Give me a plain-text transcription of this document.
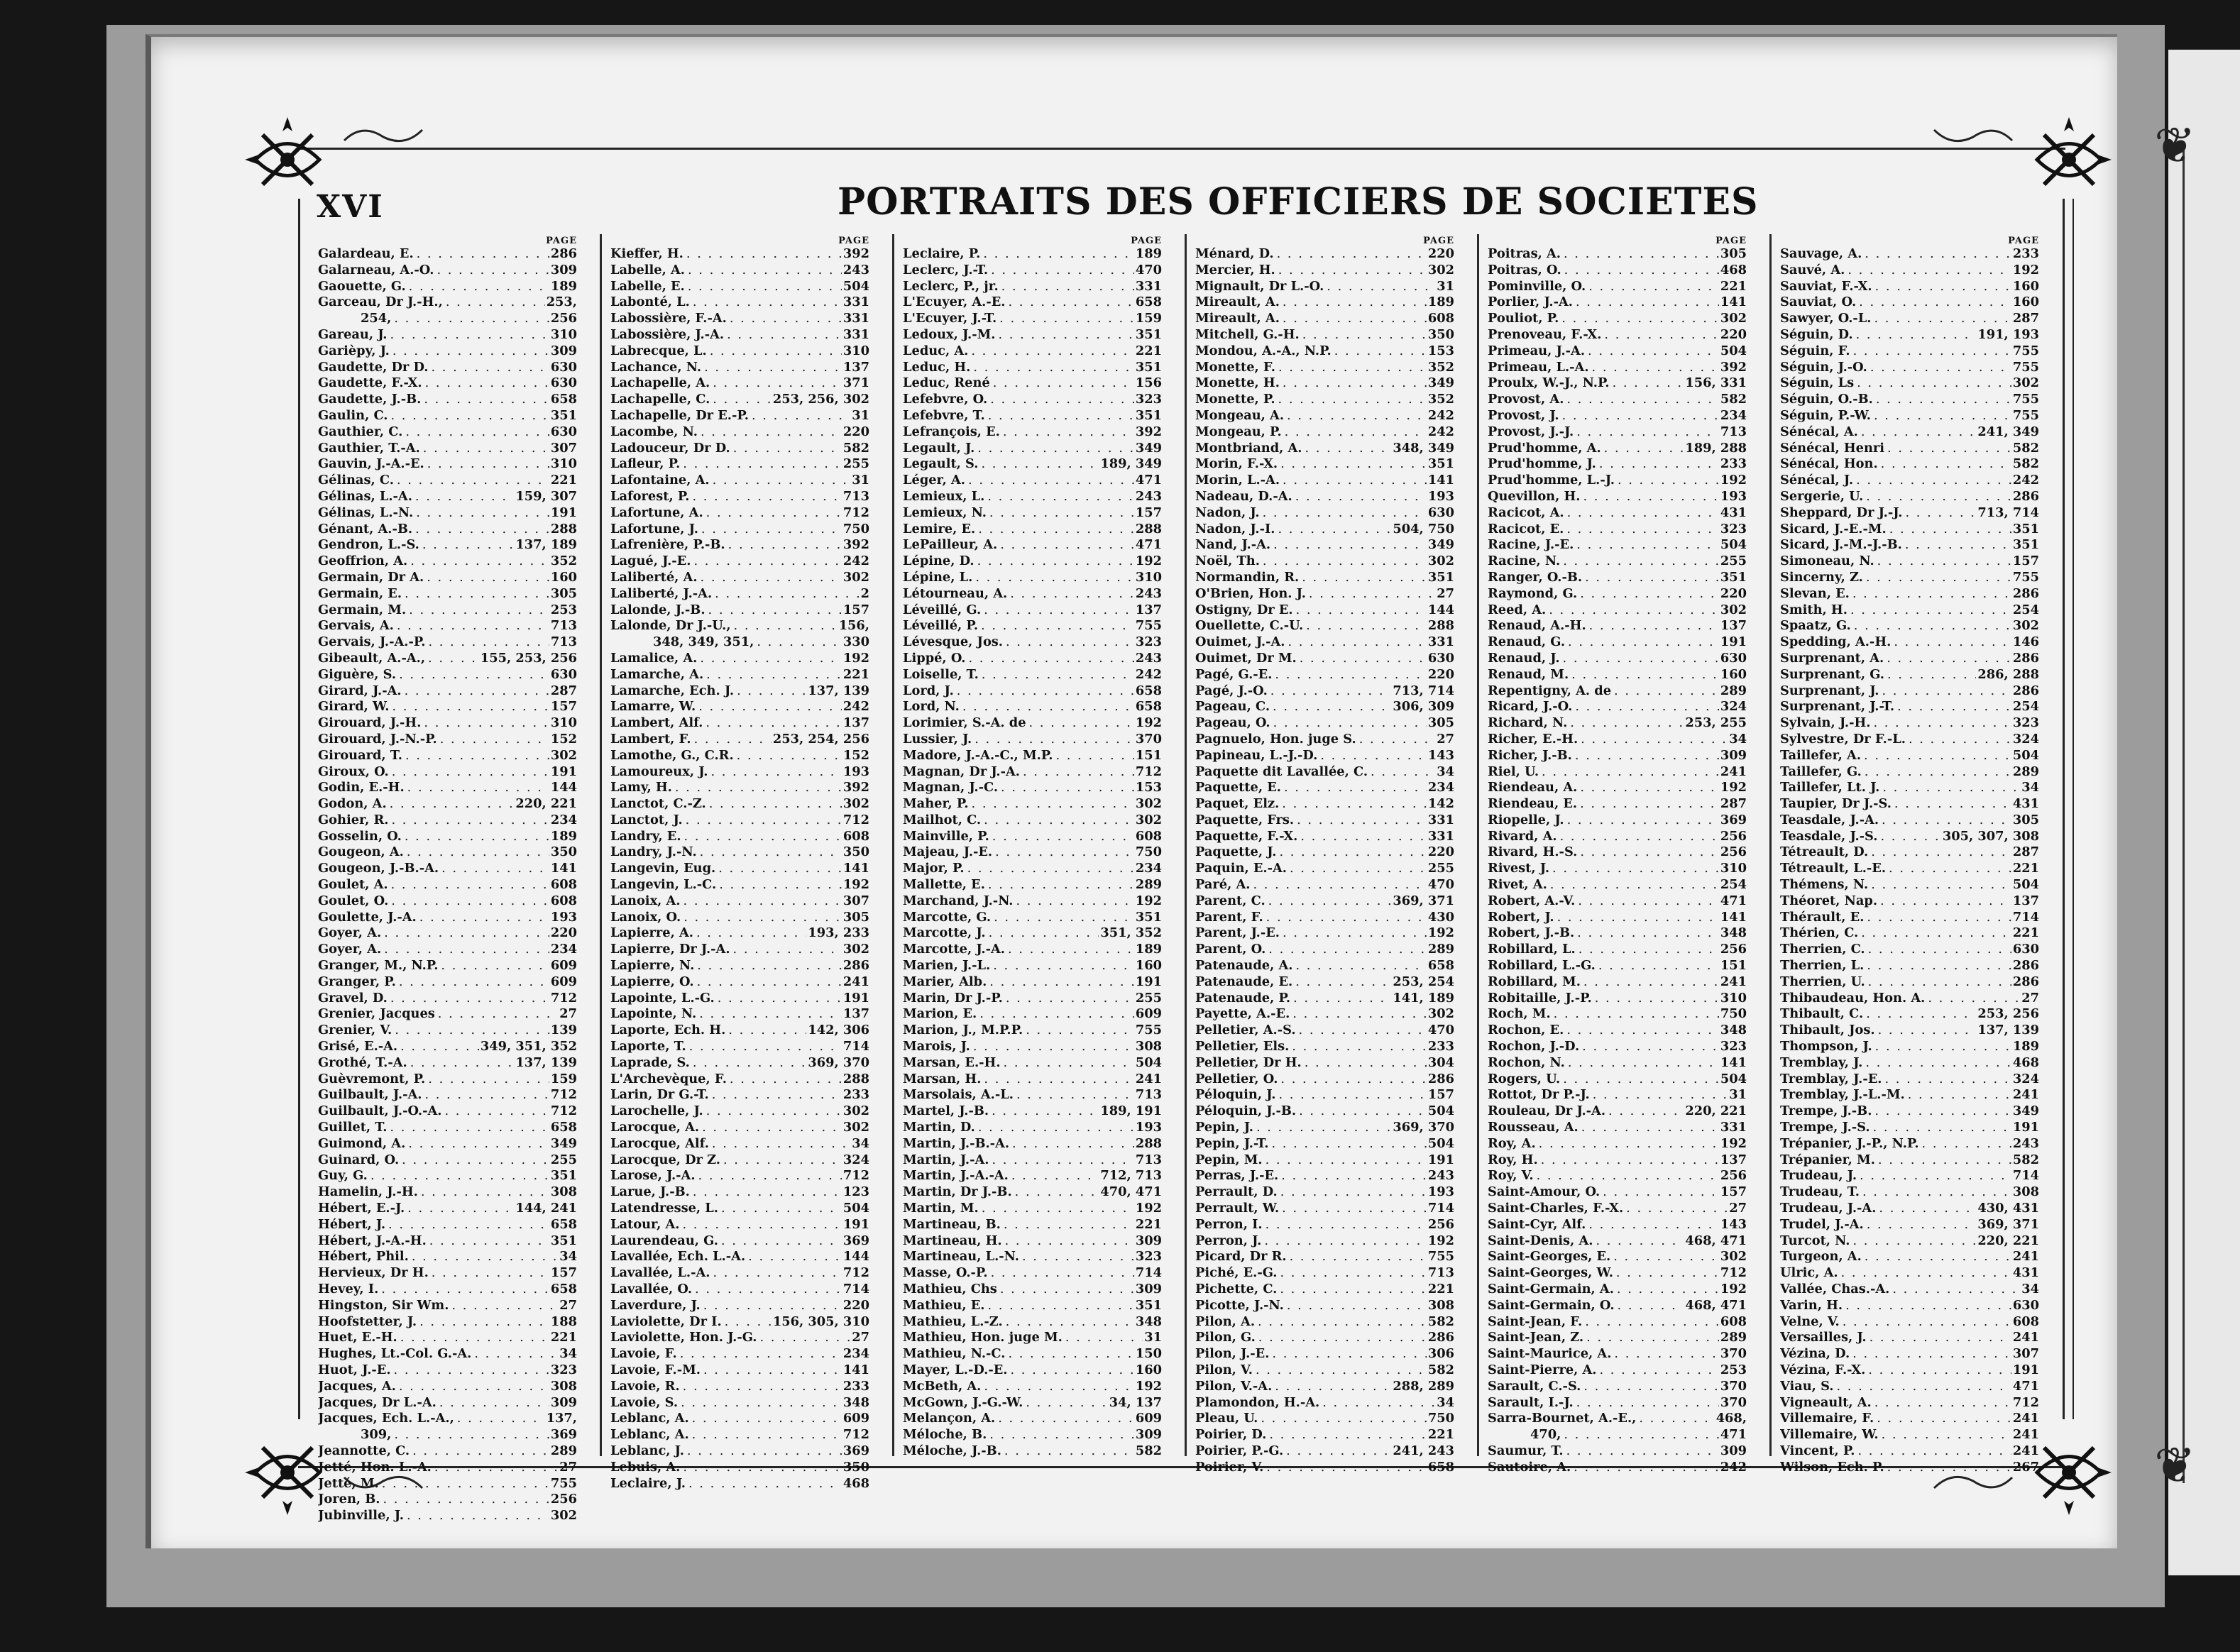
❦
❦
XVI	PORTRAITS DES OFFICIERS DE SOCIETES
PAGE
Galardeau, E. . . .	286
Galarneau, A.-O. . . .	309
Gaouette, G. . . .	189
Garceau, Dr J.-H., . . .	253,
254, . . .	256
Gareau, J. . . .	310
Garièpy, J. . . .	309
Gaudette, Dr D. . . .	630
Gaudette, F.-X. . . .	630
Gaudette, J.-B. . . .	658
Gaulin, C. . . .	351
Gauthier, C. . . .	630
Gauthier, T.-A. . . .	307
Gauvin, J.-A.-E. . . .	310
Gélinas, C. . . .	221
Gélinas, L.-A. . . .	159, 307
Gélinas, L.-N. . . .	191
Génant, A.-B. . . .	288
Gendron, L.-S. . . .	137, 189
Geoffrion, A. . . .	352
Germain, Dr A. . . .	160
Germain, E. . . .	305
Germain, M. . . .	253
Gervais, A. . . .	713
Gervais, J.-A.-P. . . .	713
Gibeault, A.-A., . . .	155, 253, 256
Giguère, S. . . .	630
Girard, J.-A. . . .	287
Girard, W. . . .	157
Girouard, J.-H. . . .	310
Girouard, J.-N.-P. . . .	152
Girouard, T. . . .	302
Giroux, O. . . .	191
Godin, E.-H. . . .	144
Godon, A. . . .	220, 221
Gohier, R. . . .	234
Gosselin, O. . . .	189
Gougeon, A. . . .	350
Gougeon, J.-B.-A. . . .	141
Goulet, A. . . .	608
Goulet, O. . . .	608
Goulette, J.-A. . . .	193
Goyer, A. . . .	220
Goyer, A. . . .	234
Granger, M., N.P. . . .	609
Granger, P. . . .	609
Gravel, D. . . .	712
Grenier, Jacques . . .	27
Grenier, V. . . .	139
Grisé, E.-A. . . .	349, 351, 352
Grothé, T.-A. . . .	137, 139
Guèvremont, P. . . .	159
Guilbault, J.-A. . . .	712
Guilbault, J.-O.-A. . . .	712
Guillet, T. . . .	658
Guimond, A. . . .	349
Guinard, O. . . .	255
Guy, G. . . .	351
Hamelin, J.-H. . . .	308
Hébert, E.-J. . . .	144, 241
Hébert, J. . . .	658
Hébert, J.-A.-H. . . .	351
Hébert, Phil. . . .	34
Hervieux, Dr H. . . .	157
Hevey, I. . . .	658
Hingston, Sir Wm. . . .	27
Hoofstetter, J. . . .	188
Huet, E.-H. . . .	221
Hughes, Lt.-Col. G.-A. . . .	34
Huot, J.-E. . . .	323
Jacques, A. . . .	308
Jacques, Dr L.-A. . . .	309
Jacques, Ech. L.-A., . . .	137,
309, . . .	369
Jeannotte, C. . . .	289
Jetté, Hon. L.-A. . . .	27
Jetté, M. . . .	755
Joren, B. . . .	256
Jubinville, J. . . .	302
PAGE
Kieffer, H. . . .	392
Labelle, A. . . .	243
Labelle, E. . . .	504
Labonté, L. . . .	331
Labossière, F.-A. . . .	331
Labossière, J.-A. . . .	331
Labrecque, L. . . .	310
Lachance, N. . . .	137
Lachapelle, A. . . .	371
Lachapelle, C. . . .	253, 256, 302
Lachapelle, Dr E.-P. . . .	31
Lacombe, N. . . .	220
Ladouceur, Dr D. . . .	582
Lafleur, P. . . .	255
Lafontaine, A. . . .	31
Laforest, P. . . .	713
Lafortune, A. . . .	712
Lafortune, J. . . .	750
Lafrenière, P.-B. . . .	392
Lagué, J.-E. . . .	242
Laliberté, A. . . .	302
Laliberté, J.-A. . . .	2
Lalonde, J.-B. . . .	157
Lalonde, Dr J.-U., . . .	156,
348, 349, 351, . . .	330
Lamalice, A. . . .	192
Lamarche, A. . . .	221
Lamarche, Ech. J. . . .	137, 139
Lamarre, W. . . .	242
Lambert, Alf. . . .	137
Lambert, F. . . .	253, 254, 256
Lamothe, G., C.R. . . .	152
Lamoureux, J. . . .	193
Lamy, H. . . .	392
Lanctot, C.-Z. . . .	302
Lanctot, J. . . .	712
Landry, E. . . .	608
Landry, J.-N. . . .	350
Langevin, Eug. . . .	141
Langevin, L.-C. . . .	192
Lanoix, A. . . .	307
Lanoix, O. . . .	305
Lapierre, A. . . .	193, 233
Lapierre, Dr J.-A. . . .	302
Lapierre, N. . . .	286
Lapierre, O. . . .	241
Lapointe, L.-G. . . .	191
Lapointe, N. . . .	137
Laporte, Ech. H. . . .	142, 306
Laporte, T. . . .	714
Laprade, S. . . .	369, 370
L'Archevèque, F. . . .	288
Larin, Dr G.-T. . . .	233
Larochelle, J. . . .	302
Larocque, A. . . .	302
Larocque, Alf. . . .	34
Larocque, Dr Z. . . .	324
Larose, J.-A. . . .	712
Larue, J.-B. . . .	123
Latendresse, L. . . .	504
Latour, A. . . .	191
Laurendeau, G. . . .	369
Lavallée, Ech. L.-A. . . .	144
Lavallée, L.-A. . . .	712
Lavallée, O. . . .	714
Laverdure, J. . . .	220
Laviolette, Dr I. . . .	156, 305, 310
Laviolette, Hon. J.-G. . . .	27
Lavoie, F. . . .	234
Lavoie, F.-M. . . .	141
Lavoie, R. . . .	233
Lavoie, S. . . .	348
Leblanc, A. . . .	609
Leblanc, A. . . .	712
Leblanc, J. . . .	369
Lebuis, A. . . .	350
Leclaire, J. . . .	468
PAGE
Leclaire, P. . . .	189
Leclerc, J.-T. . . .	470
Leclerc, P., jr. . . .	331
L'Ecuyer, A.-E. . . .	658
L'Ecuyer, J.-T. . . .	159
Ledoux, J.-M. . . .	351
Leduc, A. . . .	221
Leduc, H. . . .	351
Leduc, René . . .	156
Lefebvre, O. . . .	323
Lefebvre, T. . . .	351
Lefrançois, E. . . .	392
Legault, J. . . .	349
Legault, S. . . .	189, 349
Léger, A. . . .	471
Lemieux, L. . . .	243
Lemieux, N. . . .	157
Lemire, E. . . .	288
LePailleur, A. . . .	471
Lépine, D. . . .	192
Lépine, L. . . .	310
Létourneau, A. . . .	243
Léveillé, G. . . .	137
Léveillé, P. . . .	755
Lévesque, Jos. . . .	323
Lippé, O. . . .	243
Loiselle, T. . . .	242
Lord, J. . . .	658
Lord, N. . . .	658
Lorimier, S.-A. de . . .	192
Lussier, J. . . .	370
Madore, J.-A.-C., M.P. . . .	151
Magnan, Dr J.-A. . . .	712
Magnan, J.-C. . . .	153
Maher, P. . . .	302
Mailhot, C. . . .	302
Mainville, P. . . .	608
Majeau, J.-E. . . .	750
Major, P. . . .	234
Mallette, E. . . .	289
Marchand, J.-N. . . .	192
Marcotte, G. . . .	351
Marcotte, J. . . .	351, 352
Marcotte, J.-A. . . .	189
Marien, J.-L. . . .	160
Marier, Alb. . . .	191
Marin, Dr J.-P. . . .	255
Marion, E. . . .	609
Marion, J., M.P.P. . . .	755
Marois, J. . . .	308
Marsan, E.-H. . . .	504
Marsan, H. . . .	241
Marsolais, A.-L. . . .	713
Martel, J.-B. . . .	189, 191
Martin, D. . . .	193
Martin, J.-B.-A. . . .	288
Martin, J.-A. . . .	713
Martin, J.-A.-A. . . .	712, 713
Martin, Dr J.-B. . . .	470, 471
Martin, M. . . .	192
Martineau, B. . . .	221
Martineau, H. . . .	309
Martineau, L.-N. . . .	323
Masse, O.-P. . . .	714
Mathieu, Chs . . .	309
Mathieu, E. . . .	351
Mathieu, L.-Z. . . .	348
Mathieu, Hon. juge M. . . .	31
Mathieu, N.-C. . . .	150
Mayer, L.-D.-E. . . .	160
McBeth, A. . . .	192
McGown, J.-G.-W. . . .	34, 137
Melançon, A. . . .	609
Méloche, B. . . .	309
Méloche, J.-B. . . .	582
PAGE
Ménard, D. . . .	220
Mercier, H. . . .	302
Mignault, Dr L.-O. . . .	31
Mireault, A. . . .	189
Mireault, A. . . .	608
Mitchell, G.-H. . . .	350
Mondou, A.-A., N.P. . . .	153
Monette, F. . . .	352
Monette, H. . . .	349
Monette, P. . . .	352
Mongeau, A. . . .	242
Mongeau, P. . . .	242
Montbriand, A. . . .	348, 349
Morin, F.-X. . . .	351
Morin, L.-A. . . .	141
Nadeau, D.-A. . . .	193
Nadon, J. . . .	630
Nadon, J.-I. . . .	504, 750
Nand, J.-A. . . .	349
Noël, Th. . . .	302
Normandin, R. . . .	351
O'Brien, Hon. J. . . .	27
Ostigny, Dr E. . . .	144
Ouellette, C.-U. . . .	288
Ouimet, J.-A. . . .	331
Ouimet, Dr M. . . .	630
Pagé, G.-E. . . .	220
Pagé, J.-O. . . .	713, 714
Pageau, C. . . .	306, 309
Pageau, O. . . .	305
Pagnuelo, Hon. juge S. . . .	27
Papineau, L.-J.-D. . . .	143
Paquette dit Lavallée, C. . . .	34
Paquette, E. . . .	234
Paquet, Elz. . . .	142
Paquette, Frs. . . .	331
Paquette, F.-X. . . .	331
Paquette, J. . . .	220
Paquin, E.-A. . . .	255
Paré, A. . . .	470
Parent, C. . . .	369, 371
Parent, F. . . .	430
Parent, J.-E. . . .	192
Parent, O. . . .	289
Patenaude, A. . . .	658
Patenaude, E. . . .	253, 254
Patenaude, P. . . .	141, 189
Payette, A.-E. . . .	302
Pelletier, A.-S. . . .	470
Pelletier, Els. . . .	233
Pelletier, Dr H. . . .	304
Pelletier, O. . . .	286
Péloquin, J. . . .	157
Péloquin, J.-B. . . .	504
Pepin, J. . . .	369, 370
Pepin, J.-T. . . .	504
Pepin, M. . . .	191
Perras, J.-E. . . .	243
Perrault, D. . . .	193
Perrault, W. . . .	714
Perron, I. . . .	256
Perron, J. . . .	192
Picard, Dr R. . . .	755
Piché, E.-G. . . .	713
Pichette, C. . . .	221
Picotte, J.-N. . . .	308
Pilon, A. . . .	582
Pilon, G. . . .	286
Pilon, J.-E. . . .	306
Pilon, V. . . .	582
Pilon, V.-A. . . .	288, 289
Plamondon, H.-A. . . .	34
Pleau, U. . . .	750
Poirier, D. . . .	221
Poirier, P.-G. . . .	241, 243
Poirier, V. . . .	658
PAGE
Poitras, A. . . .	305
Poitras, O. . . .	468
Pominville, O. . . .	221
Porlier, J.-A. . . .	141
Pouliot, P. . . .	302
Prenoveau, F.-X. . . .	220
Primeau, J.-A. . . .	504
Primeau, L.-A. . . .	392
Proulx, W.-J., N.P. . . .	156, 331
Provost, A. . . .	582
Provost, J. . . .	234
Provost, J.-J. . . .	713
Prud'homme, A. . . .	189, 288
Prud'homme, J. . . .	233
Prud'homme, L.-J. . . .	192
Quevillon, H. . . .	193
Racicot, A. . . .	431
Racicot, E. . . .	323
Racine, J.-E. . . .	504
Racine, N. . . .	255
Ranger, O.-B. . . .	351
Raymond, G. . . .	220
Reed, A. . . .	302
Renaud, A.-H. . . .	137
Renaud, G. . . .	191
Renaud, J. . . .	630
Renaud, M. . . .	160
Repentigny, A. de . . .	289
Ricard, J.-O. . . .	324
Richard, N. . . .	253, 255
Richer, E.-H. . . .	34
Richer, J.-B. . . .	309
Riel, U. . . .	241
Riendeau, A. . . .	192
Riendeau, E. . . .	287
Riopelle, J. . . .	369
Rivard, A. . . .	256
Rivard, H.-S. . . .	256
Rivest, J. . . .	310
Rivet, A. . . .	254
Robert, A.-V. . . .	471
Robert, J. . . .	141
Robert, J.-B. . . .	348
Robillard, L. . . .	256
Robillard, L.-G. . . .	151
Robillard, M. . . .	241
Robitaille, J.-P. . . .	310
Roch, M. . . .	750
Rochon, E. . . .	348
Rochon, J.-D. . . .	323
Rochon, N. . . .	141
Rogers, U. . . .	504
Rottot, Dr P.-J. . . .	31
Rouleau, Dr J.-A. . . .	220, 221
Rousseau, A. . . .	331
Roy, A. . . .	192
Roy, H. . . .	137
Roy, V. . . .	256
Saint-Amour, O. . . .	157
Saint-Charles, F.-X. . . .	27
Saint-Cyr, Alf. . . .	143
Saint-Denis, A. . . .	468, 471
Saint-Georges, E. . . .	302
Saint-Georges, W. . . .	712
Saint-Germain, A. . . .	192
Saint-Germain, O. . . .	468, 471
Saint-Jean, F. . . .	608
Saint-Jean, Z. . . .	289
Saint-Maurice, A. . . .	370
Saint-Pierre, A. . . .	253
Sarault, C.-S. . . .	370
Sarault, I.-J. . . .	370
Sarra-Bournet, A.-E., . . .	468,
470, . . .	471
Saumur, T. . . .	309
Sautoire, A. . . .	242
PAGE
Sauvage, A. . . .	233
Sauvé, A. . . .	192
Sauviat, F.-X. . . .	160
Sauviat, O. . . .	160
Sawyer, O.-L. . . .	287
Séguin, D. . . .	191, 193
Séguin, F. . . .	755
Séguin, J.-O. . . .	755
Séguin, Ls . . .	302
Séguin, O.-B. . . .	755
Séguin, P.-W. . . .	755
Sénécal, A. . . .	241, 349
Sénécal, Henri . . .	582
Sénécal, Hon. . . .	582
Sénécal, J. . . .	242
Sergerie, U. . . .	286
Sheppard, Dr J.-J. . . .	713, 714
Sicard, J.-E.-M. . . .	351
Sicard, J.-M.-J.-B. . . .	351
Simoneau, N. . . .	157
Sincerny, Z. . . .	755
Slevan, E. . . .	286
Smith, H. . . .	254
Spaatz, G. . . .	302
Spedding, A.-H. . . .	146
Surprenant, A. . . .	286
Surprenant, G. . . .	286, 288
Surprenant, J. . . .	286
Surprenant, J.-T. . . .	254
Sylvain, J.-H. . . .	323
Sylvestre, Dr F.-L. . . .	324
Taillefer, A. . . .	504
Taillefer, G. . . .	289
Taillefer, Lt. J. . . .	34
Taupier, Dr J.-S. . . .	431
Teasdale, J.-A. . . .	305
Teasdale, J.-S. . . .	305, 307, 308
Tétreault, D. . . .	287
Tétreault, L.-E. . . .	221
Thémens, N. . . .	504
Théoret, Nap. . . .	137
Thérault, E. . . .	714
Thérien, C. . . .	221
Therrien, C. . . .	630
Therrien, L. . . .	286
Therrien, U. . . .	286
Thibaudeau, Hon. A. . . .	27
Thibault, C. . . .	253, 256
Thibault, Jos. . . .	137, 139
Thompson, J. . . .	189
Tremblay, J. . . .	468
Tremblay, J.-E. . . .	324
Tremblay, J.-L.-M. . . .	241
Trempe, J.-B. . . .	349
Trempe, J.-S. . . .	191
Trépanier, J.-P., N.P. . . .	243
Trépanier, M. . . .	582
Trudeau, J. . . .	714
Trudeau, T. . . .	308
Trudeau, J.-A. . . .	430, 431
Trudel, J.-A. . . .	369, 371
Turcot, N. . . .	220, 221
Turgeon, A. . . .	241
Ulric, A. . . .	431
Vallée, Chas.-A. . . .	34
Varin, H. . . .	630
Velne, V. . . .	608
Versailles, J. . . .	241
Vézina, D. . . .	307
Vézina, F.-X. . . .	191
Viau, S. . . .	471
Vigneault, A. . . .	712
Villemaire, F. . . .	241
Villemaire, W. . . .	241
Vincent, P. . . .	241
Wilson, Ech. P. . . .	267
